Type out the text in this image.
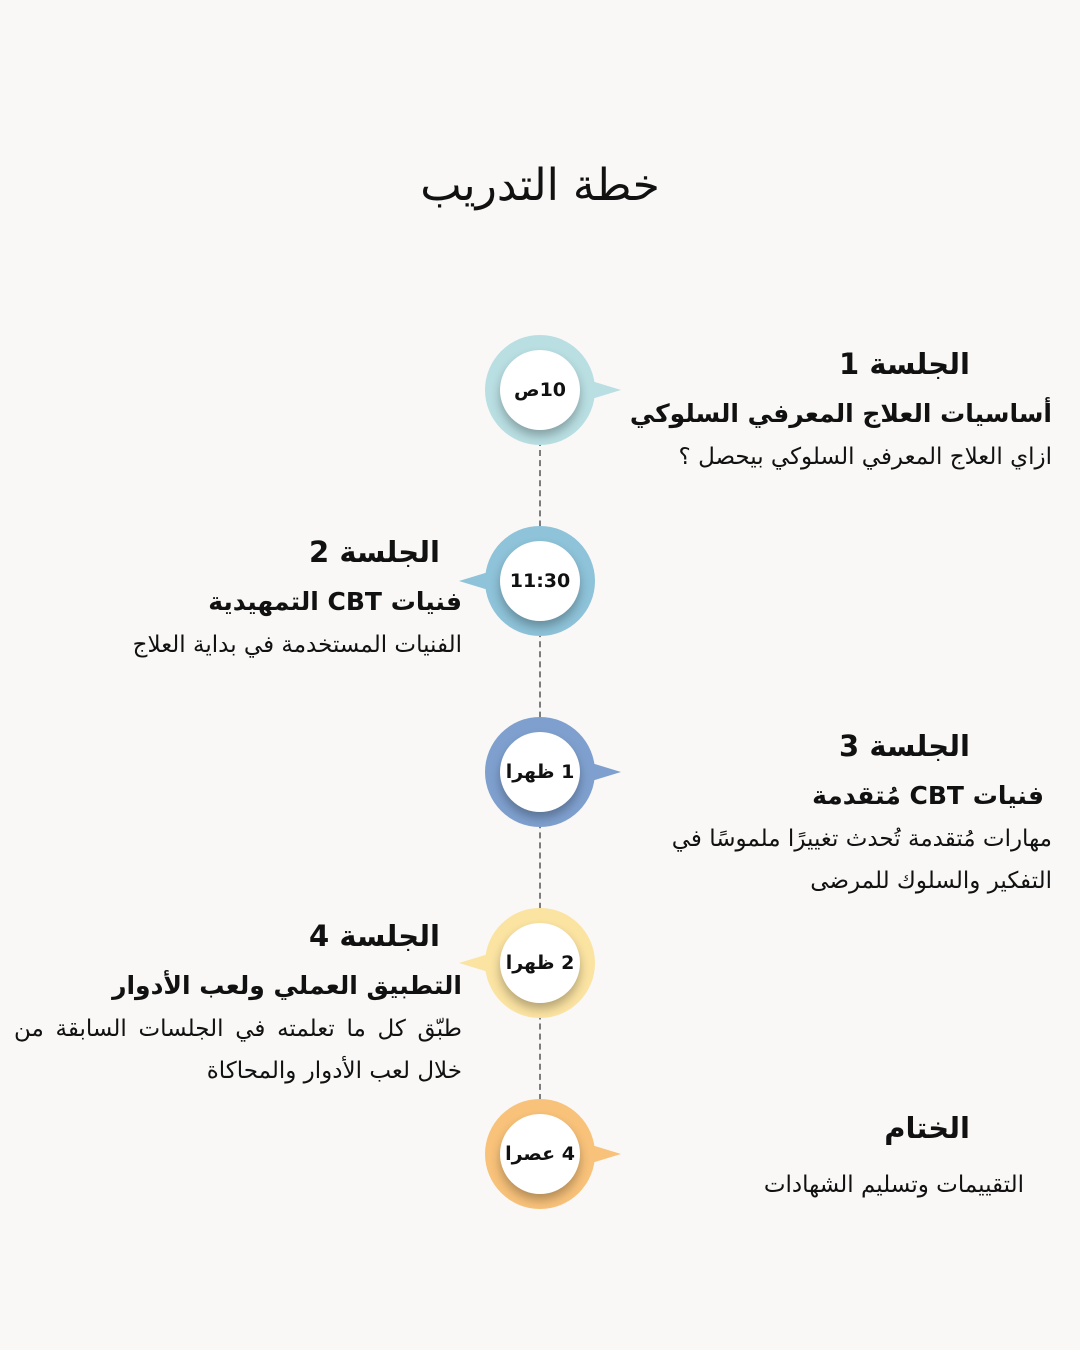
خطة التدريب
10ص

الجلسة 1

أساسيات العلاج المعرفي السلوكي

ازاي العلاج المعرفي السلوكي بيحصل ؟

11:30

الجلسة 2

فنيات CBT التمهيدية

الفنيات المستخدمة في بداية العلاج

1 ظهرا

الجلسة 3

فنيات CBT مُتقدمة

مهارات مُتقدمة تُحدث تغييرًا ملموسًا في التفكير والسلوك للمرضى

2 ظهرا

الجلسة 4

التطبيق العملي ولعب الأدوار

طبّق كل ما تعلمته في الجلسات السابقة من خلال لعب الأدوار والمحاكاة

4 عصرا

الختام

التقييمات وتسليم الشهادات
